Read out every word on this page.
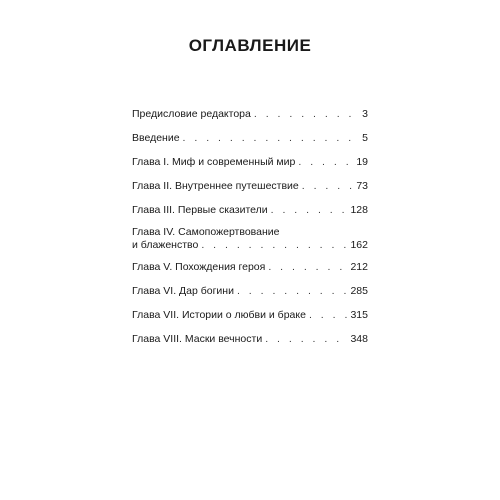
ОГЛАВЛЕНИЕ
Предисловие редактора . . .	3
Введение . . .	5
Глава I. Миф и современный мир . . .	19
Глава II. Внутреннее путешествие . . .	73
Глава III. Первые сказители . . .	128
Глава IV. Самопожертвование
и блаженство . . .	162
Глава V. Похождения героя . . .	212
Глава VI. Дар богини . . .	285
Глава VII. Истории о любви и браке . . .	315
Глава VIII. Маски вечности . . .	348
